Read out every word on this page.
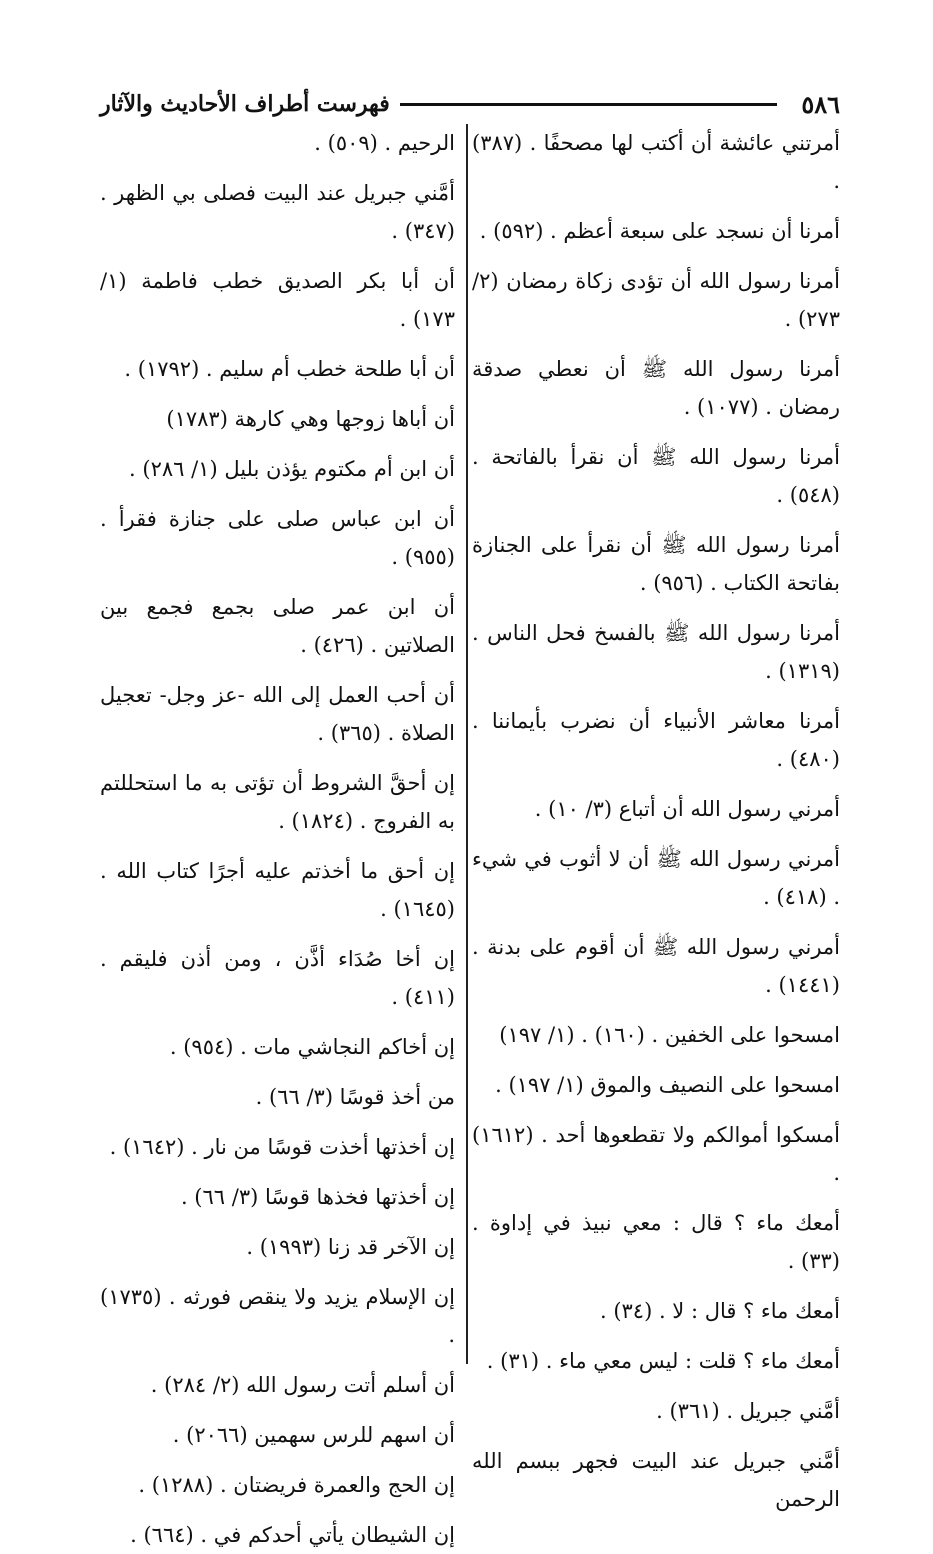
٥٨٦
فهرست أطراف الأحاديث والآثار
أمرتني عائشة أن أكتب لها مصحفًا . (٣٨٧) .
أمرنا أن نسجد على سبعة أعظم . (٥٩٢) .
أمرنا رسول الله أن تؤدى زكاة رمضان (٢/ ٢٧٣) .
أمرنا رسول الله ﷺ أن نعطي صدقة رمضان . (١٠٧٧) .
أمرنا رسول الله ﷺ أن نقرأ بالفاتحة . (٥٤٨) .
أمرنا رسول الله ﷺ أن نقرأ على الجنازة بفاتحة الكتاب . (٩٥٦) .
أمرنا رسول الله ﷺ بالفسخ فحل الناس . (١٣١٩) .
أمرنا معاشر الأنبياء أن نضرب بأيماننا . (٤٨٠) .
أمرني رسول الله أن أتباع (٣/ ١٠) .
أمرني رسول الله ﷺ أن لا أثوب في شيء . (٤١٨) .
أمرني رسول الله ﷺ أن أقوم على بدنة . (١٤٤١) .
امسحوا على الخفين . (١٦٠) . (١/ ١٩٧)
امسحوا على النصيف والموق (١/ ١٩٧) .
أمسكوا أموالكم ولا تقطعوها أحد . (١٦١٢) .
أمعك ماء ؟ قال : معي نبيذ في إداوة . (٣٣) .
أمعك ماء ؟ قال : لا . (٣٤) .
أمعك ماء ؟ قلت : ليس معي ماء . (٣١) .
أمَّني جبريل . (٣٦١) .
أمَّني جبريل عند البيت فجهر ببسم الله الرحمن
الرحيم . (٥٠٩) .
أمَّني جبريل عند البيت فصلى بي الظهر . (٣٤٧) .
أن أبا بكر الصديق خطب فاطمة (١/ ١٧٣) .
أن أبا طلحة خطب أم سليم . (١٧٩٢) .
أن أباها زوجها وهي كارهة (١٧٨٣)
أن ابن أم مكتوم يؤذن بليل (١/ ٢٨٦) .
أن ابن عباس صلى على جنازة فقرأ . (٩٥٥) .
أن ابن عمر صلى بجمع فجمع بين الصلاتين . (٤٢٦) .
أن أحب العمل إلى الله -عز وجل- تعجيل الصلاة . (٣٦٥) .
إن أحقَّ الشروط أن تؤتى به ما استحللتم به الفروج . (١٨٢٤) .
إن أحق ما أخذتم عليه أجرًا كتاب الله . (١٦٤٥) .
إن أخا صُدَاء أذَّن ، ومن أذن فليقم . (٤١١) .
إن أخاكم النجاشي مات . (٩٥٤) .
من أخذ قوسًا (٣/ ٦٦) .
إن أخذتها أخذت قوسًا من نار . (١٦٤٢) .
إن أخذتها فخذها قوسًا (٣/ ٦٦) .
إن الآخر قد زنا (١٩٩٣) .
إن الإسلام يزيد ولا ينقص فورثه . (١٧٣٥) .
أن أسلم أتت رسول الله (٢/ ٢٨٤) .
أن اسهم للرس سهمين (٢٠٦٦) .
إن الحج والعمرة فريضتان . (١٢٨٨) .
إن الشيطان يأتي أحدكم في . (٦٦٤) .
